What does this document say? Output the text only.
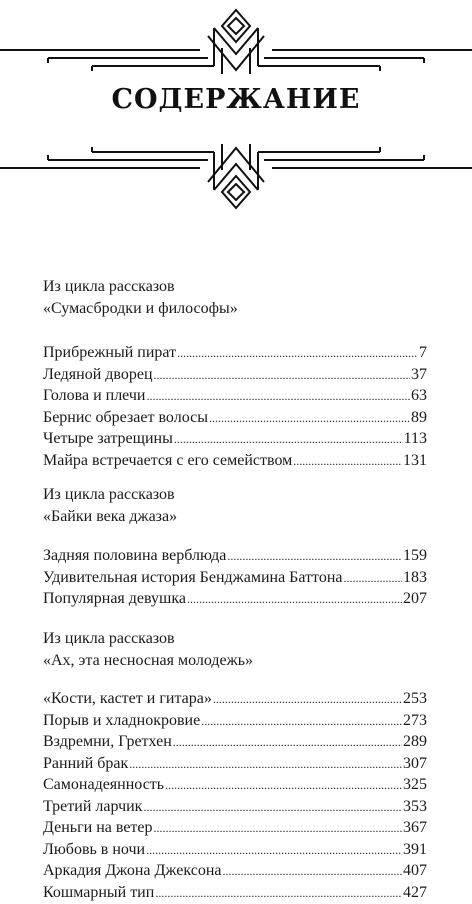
СОДЕРЖАНИЕ
Из цикла рассказов
«Сумасбродки и философы»
Прибрежный пират .....	7
Ледяной дворец .....	37
Голова и плечи .....	63
Бернис обрезает волосы .....	89
Четыре затрещины .....	113
Майра встречается с его семейством .....	131
Из цикла рассказов
«Байки века джаза»
Задняя половина верблюда .....	159
Удивительная история Бенджамина Баттона .....	183
Популярная девушка .....	207
Из цикла рассказов
«Ах, эта несносная молодежь»
«Кости, кастет и гитара» .....	253
Порыв и хладнокровие .....	273
Вздремни, Гретхен .....	289
Ранний брак .....	307
Самонадеянность .....	325
Третий ларчик .....	353
Деньги на ветер .....	367
Любовь в ночи .....	391
Аркадия Джона Джексона .....	407
Кошмарный тип .....	427
